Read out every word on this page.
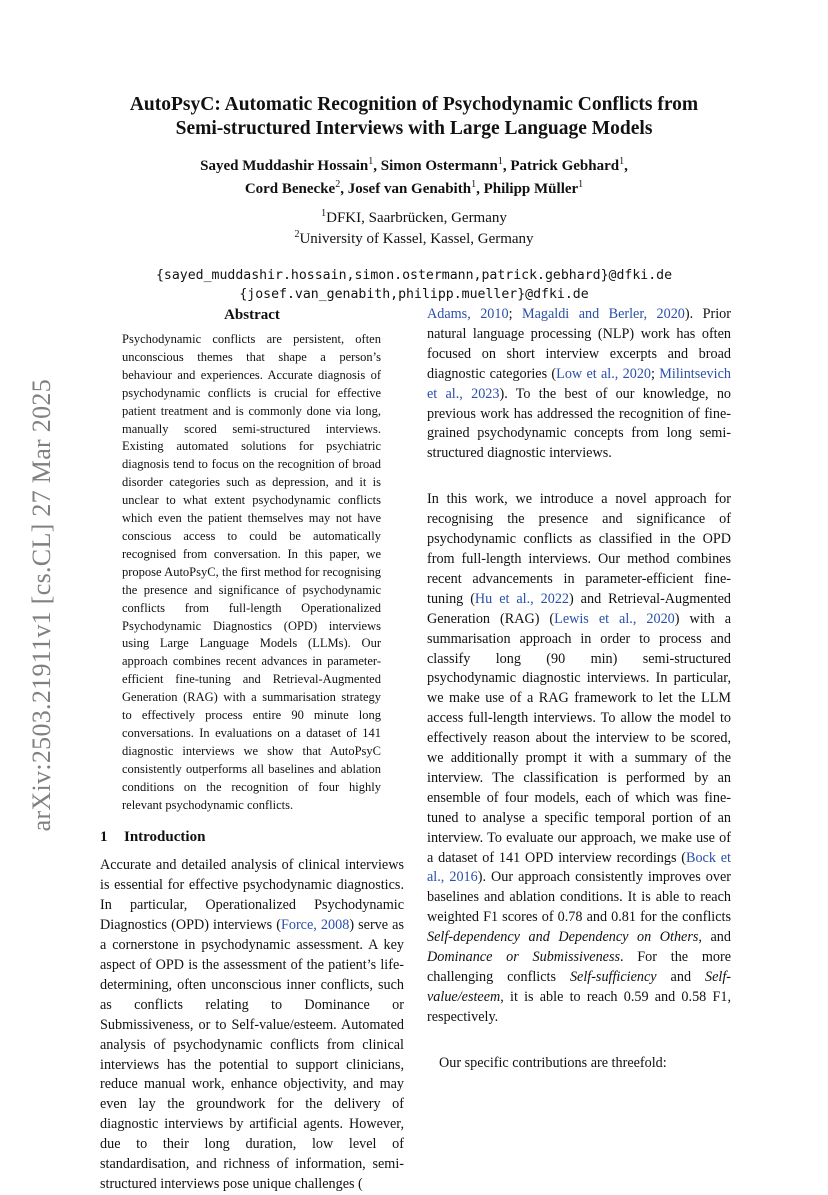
arXiv:2503.21911v1 [cs.CL] 27 Mar 2025
AutoPsyC: Automatic Recognition of Psychodynamic Conflicts from
Semi-structured Interviews with Large Language Models
Sayed Muddashir Hossain$^1$, Simon Ostermann$^1$, Patrick Gebhard$^1$,
Cord Benecke$^2$, Josef van Genabith$^1$, Philipp Müller$^1$
$^1$DFKI, Saarbrücken, Germany
$^2$University of Kassel, Kassel, Germany
{sayed_muddashir.hossain,simon.ostermann,patrick.gebhard}@dfki.de
{josef.van_genabith,philipp.mueller}@dfki.de
Abstract

Psychodynamic conflicts are persistent, often unconscious themes that shape a person’s behaviour and experiences. Accurate diagnosis of psychodynamic conflicts is crucial for effective patient treatment and is commonly done via long, manually scored semi-structured interviews. Existing automated solutions for psychiatric diagnosis tend to focus on the recognition of broad disorder categories such as depression, and it is unclear to what extent psychodynamic conflicts which even the patient themselves may not have conscious access to could be automatically recognised from conversation. In this paper, we propose AutoPsyC, the first method for recognising the presence and significance of psychodynamic conflicts from full-length Operationalized Psychodynamic Diagnostics (OPD) interviews using Large Language Models (LLMs). Our approach combines recent advances in parameter-efficient fine-tuning and Retrieval-Augmented Generation (RAG) with a summarisation strategy to effectively process entire 90 minute long conversations. In evaluations on a dataset of 141 diagnostic interviews we show that AutoPsyC consistently outperforms all baselines and ablation conditions on the recognition of four highly relevant psychodynamic conflicts.

1 Introduction

Accurate and detailed analysis of clinical interviews is essential for effective psychodynamic diagnostics. In particular, Operationalized Psychodynamic Diagnostics (OPD) interviews (Force, 2008) serve as a cornerstone in psychodynamic assessment. A key aspect of OPD is the assessment of the patient’s life-determining, often unconscious inner conflicts, such as conflicts relating to Dominance or Submissiveness, or to Self-value/esteem. Automated analysis of psychodynamic conflicts from clinical interviews has the potential to support clinicians, reduce manual work, enhance objectivity, and may even lay the groundwork for the delivery of diagnostic interviews by artificial agents. However, due to their long duration, low level of standardisation, and richness of information, semi-structured interviews pose unique challenges (

Adams, 2010; Magaldi and Berler, 2020). Prior natural language processing (NLP) work has often focused on short interview excerpts and broad diagnostic categories (Low et al., 2020; Milintsevich et al., 2023). To the best of our knowledge, no previous work has addressed the recognition of fine-grained psychodynamic concepts from long semi-structured diagnostic interviews.

In this work, we introduce a novel approach for recognising the presence and significance of psychodynamic conflicts as classified in the OPD from full-length interviews. Our method combines recent advancements in parameter-efficient fine-tuning (Hu et al., 2022) and Retrieval-Augmented Generation (RAG) (Lewis et al., 2020) with a summarisation approach in order to process and classify long (90 min) semi-structured psychodynamic diagnostic interviews. In particular, we make use of a RAG framework to let the LLM access full-length interviews. To allow the model to effectively reason about the interview to be scored, we additionally prompt it with a summary of the interview. The classification is performed by an ensemble of four models, each of which was fine-tuned to analyse a specific temporal portion of an interview. To evaluate our approach, we make use of a dataset of 141 OPD interview recordings (Bock et al., 2016). Our approach consistently improves over baselines and ablation conditions. It is able to reach weighted F1 scores of 0.78 and 0.81 for the conflicts Self-dependency and Dependency on Others, and Dominance or Submissiveness. For the more challenging conflicts Self-sufficiency and Self-value/esteem, it is able to reach 0.59 and 0.58 F1, respectively.

Our specific contributions are threefold:
